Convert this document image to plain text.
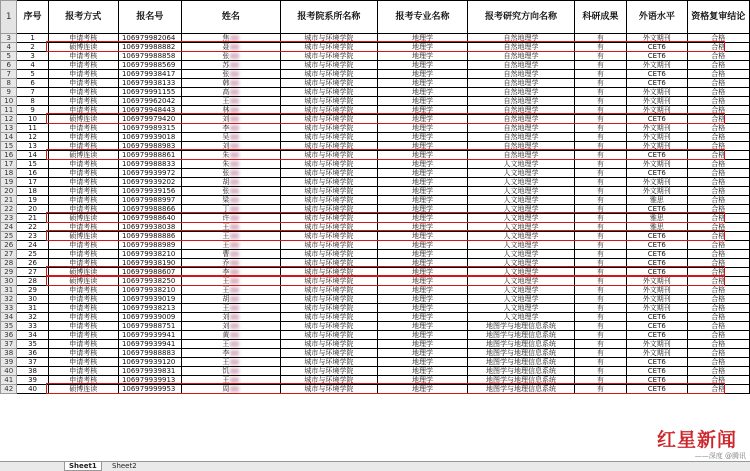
1	序号	报考方式	报名号	姓名	报考院系所名称	报考专业名称	报考研究方向名称	科研成果	外语水平	资格复审结论
3	1	申请考核	106979982064	焦	城市与环境学院	地理学	自然地理学	有	外文期刊	合格
4	2	硕博连读	106979988882	聂	城市与环境学院	地理学	自然地理学	有	CET6	合格
5	3	申请考核	106979988858	张	城市与环境学院	地理学	自然地理学	有	CET6	合格
6	4	申请考核	106979988569	苏	城市与环境学院	地理学	自然地理学	有	外文期刊	合格
7	5	申请考核	106979938417	张	城市与环境学院	地理学	自然地理学	有	CET6	合格
8	6	申请考核	106979938133	韩	城市与环境学院	地理学	自然地理学	有	CET6	合格
9	7	申请考核	106979991155	高	城市与环境学院	地理学	自然地理学	有	外文期刊	合格
10	8	申请考核	106979962042	王	城市与环境学院	地理学	自然地理学	有	外文期刊	合格
11	9	申请考核	106979948443	林	城市与环境学院	地理学	自然地理学	有	外文期刊	合格
12	10	硕博连读	106979979420	刘	城市与环境学院	地理学	自然地理学	有	CET6	合格
13	11	申请考核	106979989315	李	城市与环境学院	地理学	自然地理学	有	外文期刊	合格
14	12	申请考核	106979939018	吴	城市与环境学院	地理学	自然地理学	有	外文期刊	合格
15	13	申请考核	106979988983	刘	城市与环境学院	地理学	自然地理学	有	外文期刊	合格
16	14	硕博连读	106979988861	朱	城市与环境学院	地理学	自然地理学	有	CET6	合格
17	15	申请考核	106979988833	朱	城市与环境学院	地理学	人文地理学	有	外文期刊	合格
18	16	申请考核	106979939972	张	城市与环境学院	地理学	人文地理学	有	CET6	合格
19	17	申请考核	106979939202	胡	城市与环境学院	地理学	人文地理学	有	外文期刊	合格
20	18	申请考核	106979939156	张	城市与环境学院	地理学	人文地理学	有	外文期刊	合格
21	19	申请考核	106979988997	梁	城市与环境学院	地理学	人文地理学	有	雅思	合格
22	20	申请考核	106979988866	丁	城市与环境学院	地理学	人文地理学	有	CET6	合格
23	21	硕博连读	106979988640	许	城市与环境学院	地理学	人文地理学	有	雅思	合格
24	22	申请考核	106979938038	王	城市与环境学院	地理学	人文地理学	有	雅思	合格
25	23	硕博连读	106979988886	王	城市与环境学院	地理学	人文地理学	有	CET6	合格
26	24	申请考核	106979988989	王	城市与环境学院	地理学	人文地理学	有	CET6	合格
27	25	申请考核	106979938210	曹	城市与环境学院	地理学	人文地理学	有	CET6	合格
28	26	申请考核	106979938190	乔	城市与环境学院	地理学	人文地理学	有	CET6	合格
29	27	硕博连读	106979988607	李	城市与环境学院	地理学	人文地理学	有	CET6	合格
30	28	硕博连读	106979938250	王	城市与环境学院	地理学	人文地理学	有	外文期刊	合格
31	29	申请考核	106979938210	王	城市与环境学院	地理学	人文地理学	有	外文期刊	合格
32	30	申请考核	106979939019	胡	城市与环境学院	地理学	人文地理学	有	外文期刊	合格
33	31	申请考核	106979938213	王	城市与环境学院	地理学	人文地理学	有	外文期刊	合格
34	32	申请考核	106979939009	刘	城市与环境学院	地理学	人文地理学	有	CET6	合格
35	33	申请考核	106979988751	刘	城市与环境学院	地理学	地图学与地理信息系统	有	CET6	合格
36	34	申请考核	106979939941	黄	城市与环境学院	地理学	地图学与地理信息系统	有	CET6	合格
37	35	申请考核	106979939941	王	城市与环境学院	地理学	地图学与地理信息系统	有	外文期刊	合格
38	36	申请考核	106979988883	李	城市与环境学院	地理学	地图学与地理信息系统	有	外文期刊	合格
39	37	申请考核	106979939120	王	城市与环境学院	地理学	地图学与地理信息系统	有	CET6	合格
40	38	申请考核	106979939831	饥	城市与环境学院	地理学	地图学与地理信息系统	有	CET6	合格
41	39	申请考核	106979939913	王	城市与环境学院	地理学	地图学与地理信息系统	有	CET6	合格
42	40	硕博连读	106979999953	周	城市与环境学院	地理学	地图学与地理信息系统	有	CET6	合格
Sheet1	Sheet2
红星新闻
——深度 @腾讯
